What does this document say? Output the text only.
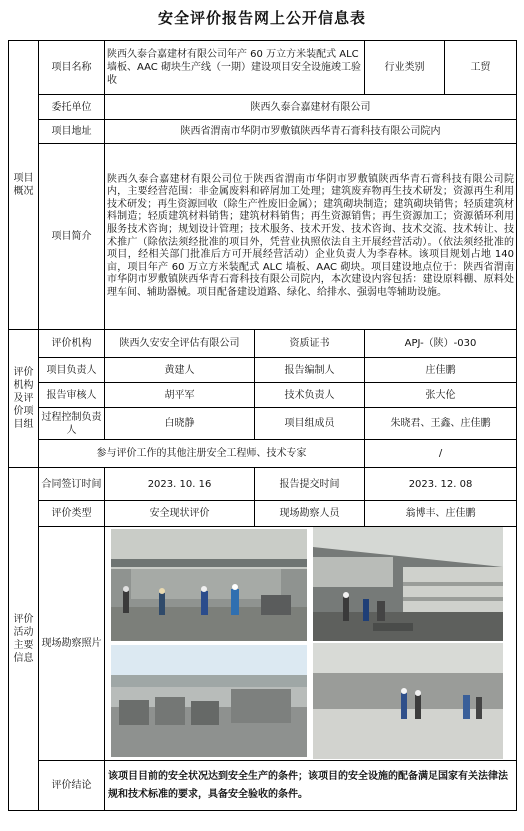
安全评价报告网上公开信息表
项目概况	项目名称	陕西久泰合嘉建材有限公司年产 60 万立方米装配式 ALC 墙板、AAC 砌块生产线（一期）建设项目安全设施竣工验收		行业类别	工贸
	委托单位	陕西久泰合嘉建材有限公司			
	项目地址	陕西省渭南市华阴市罗敷镇陕西华青石膏科技有限公司院内			
	项目简介	陕西久泰合嘉建材有限公司位于陕西省渭南市华阴市罗敷镇陕西华青石膏科技有限公司院内，主要经营范围：非金属废料和碎屑加工处理；建筑废弃物再生技术研发；资源再生利用技术研发；再生资源回收（除生产性废旧金属）；建筑砌块制造；建筑砌块销售；轻质建筑材料制造；轻质建筑材料销售；建筑材料销售；再生资源销售；再生资源加工；资源循环利用服务技术咨询；规划设计管理；技术服务、技术开发、技术咨询、技术交流、技术转让、技术推广（除依法须经批准的项目外，凭营业执照依法自主开展经营活动）。（依法须经批准的项目，经相关部门批准后方可开展经营活动）企业负责人为李春林。该项目规划占地 140 亩，项目年产 60 万立方米装配式 ALC 墙板、AAC 砌块。项目建设地点位于：陕西省渭南市华阴市罗敷镇陕西华青石膏科技有限公司院内，本次建设内容包括：建设原料棚、原料处理车间、辅助器械。项目配备建设道路、绿化、给排水、强弱电等辅助设施。			
评价机构及评价项目组	评价机构	陕西久安安全评估有限公司	资质证书	APJ-（陕）-030	
	项目负责人	黄建人	报告编制人	庄佳鹏	
	报告审核人	胡平军	技术负责人	张大伦	
	过程控制负责人	白晓静	项目组成员	朱晓君、王鑫、庄佳鹏	
	参与评价工作的其他注册安全工程师、技术专家			/	
评价活动主要信息	合同签订时间	2023. 10. 16	报告提交时间	2023. 12. 08	
	评价类型	安全现状评价	现场勘察人员	翁博丰、庄佳鹏	
	现场勘察照片	

	评价结论	该项目目前的安全状况达到安全生产的条件；该项目的安全设施的配备满足国家有关法律法规和技术标准的要求，具备安全验收的条件。			
